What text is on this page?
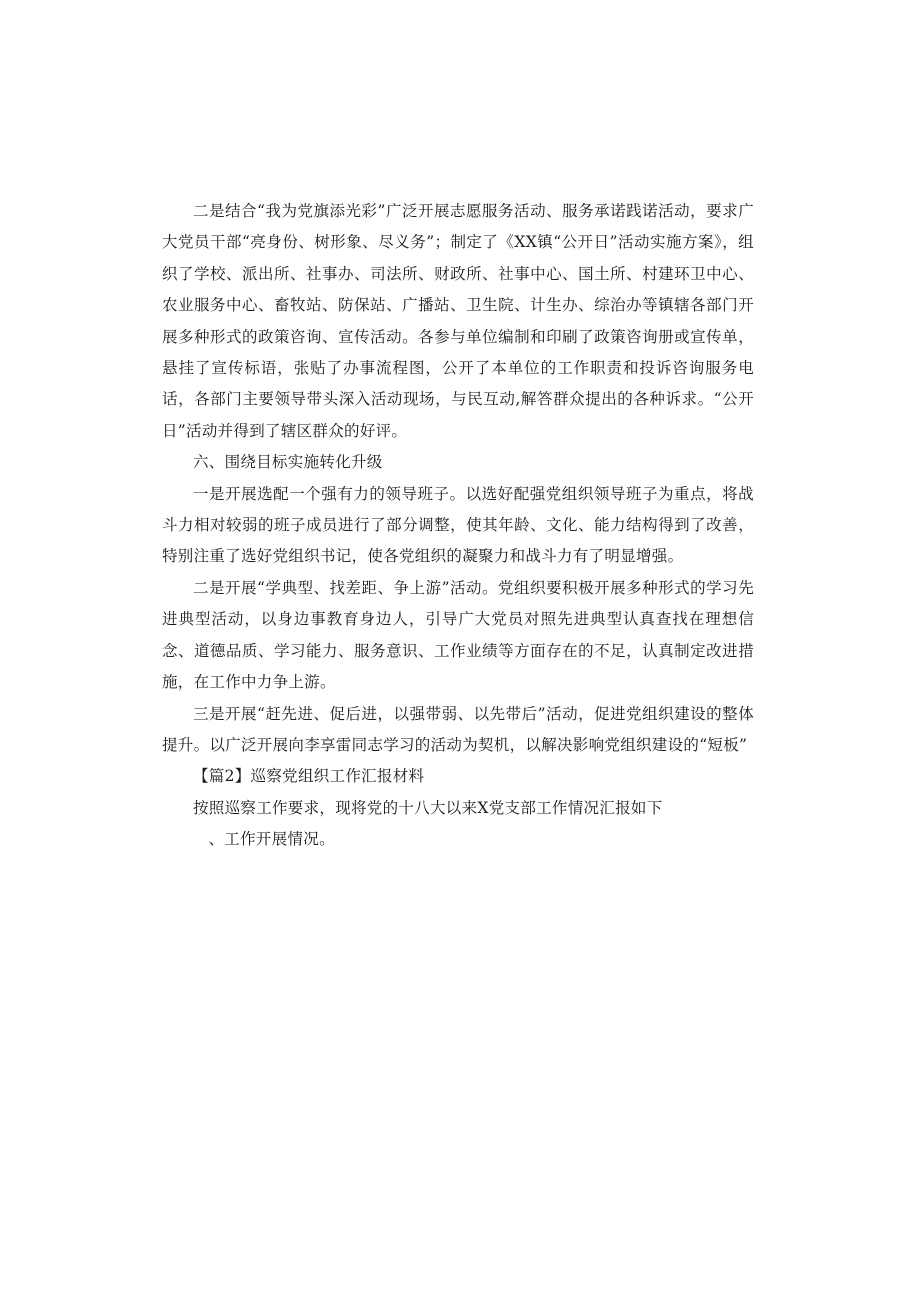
二是结合“我为党旗添光彩”广泛开展志愿服务活动、服务承诺践诺活动，要求广大党员干部“亮身份、树形象、尽义务”；制定了《XX镇“公开日”活动实施方案》，组织了学校、派出所、社事办、司法所、财政所、社事中心、国土所、村建环卫中心、农业服务中心、畜牧站、防保站、广播站、卫生院、计生办、综治办等镇辖各部门开展多种形式的政策咨询、宣传活动。各参与单位编制和印刷了政策咨询册或宣传单，悬挂了宣传标语，张贴了办事流程图，公开了本单位的工作职责和投诉咨询服务电话，各部门主要领导带头深入活动现场，与民互动,解答群众提出的各种诉求。“公开日”活动并得到了辖区群众的好评。

六、围绕目标实施转化升级

一是开展选配一个强有力的领导班子。以选好配强党组织领导班子为重点，将战斗力相对较弱的班子成员进行了部分调整，使其年龄、文化、能力结构得到了改善，特别注重了选好党组织书记，使各党组织的凝聚力和战斗力有了明显增强。

二是开展“学典型、找差距、争上游”活动。党组织要积极开展多种形式的学习先进典型活动，以身边事教育身边人，引导广大党员对照先进典型认真查找在理想信念、道德品质、学习能力、服务意识、工作业绩等方面存在的不足，认真制定改进措施，在工作中力争上游。

三是开展“赶先进、促后进，以强带弱、以先带后”活动，促进党组织建设的整体提升。以广泛开展向李享雷同志学习的活动为契机，以解决影响党组织建设的“短板”

【篇2】巡察党组织工作汇报材料

按照巡察工作要求，现将党的十八大以来X党支部工作情况汇报如下

、工作开展情况。
